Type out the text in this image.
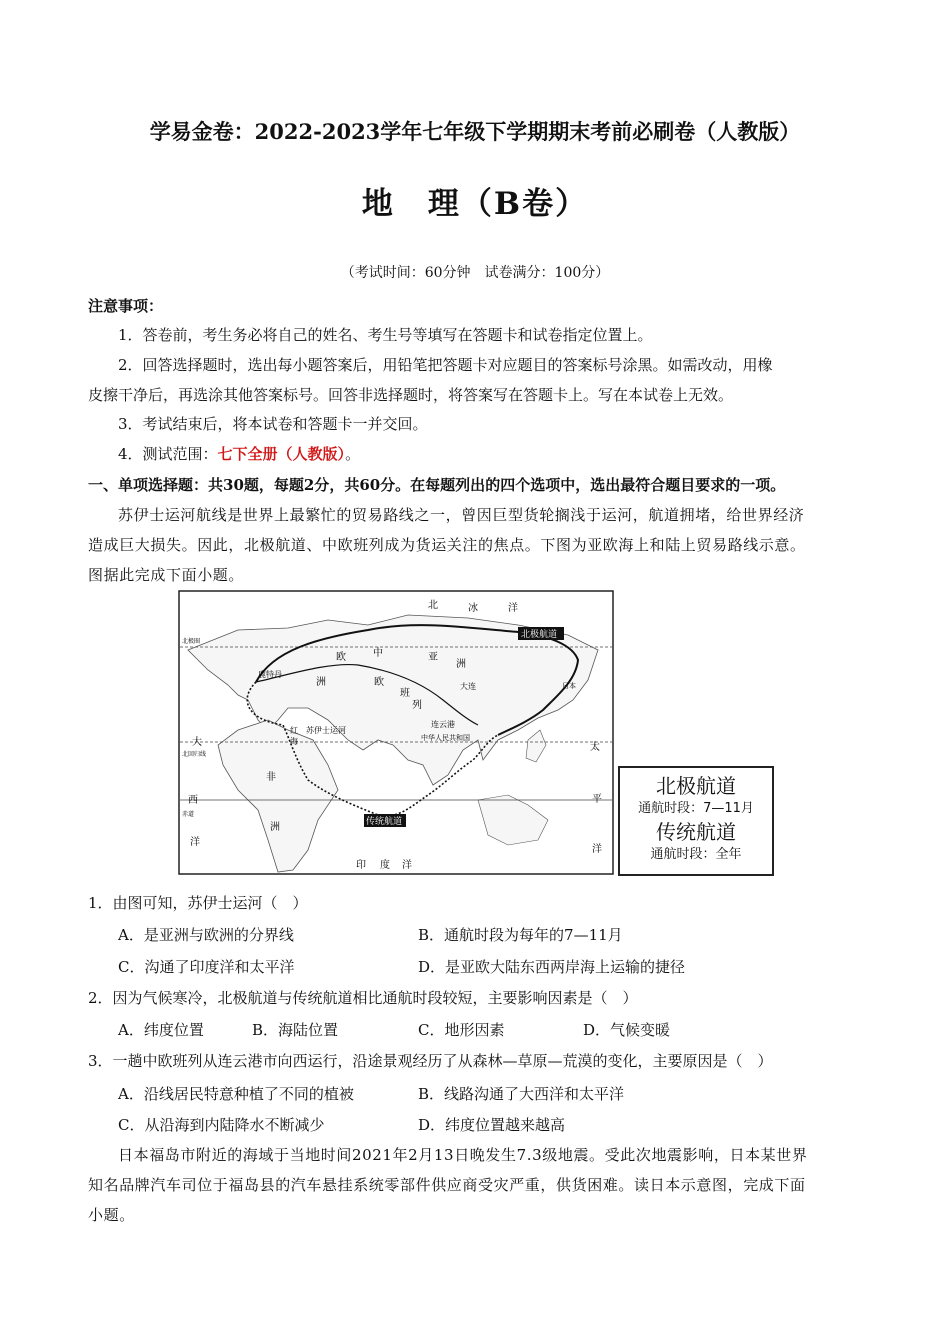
学易金卷：2022-2023学年七年级下学期期末考前必刷卷（人教版）
地　理（B卷）
（考试时间：60分钟　试卷满分：100分）
注意事项：
1．答卷前，考生务必将自己的姓名、考生号等填写在答题卡和试卷指定位置上。
2．回答选择题时，选出每小题答案后，用铅笔把答题卡对应题目的答案标号涂黑。如需改动，用橡
皮擦干净后，再选涂其他答案标号。回答非选择题时，将答案写在答题卡上。写在本试卷上无效。
3．考试结束后，将本试卷和答题卡一并交回。
4．测试范围：七下全册（人教版）。
一、单项选择题：共30题，每题2分，共60分。在每题列出的四个选项中，选出最符合题目要求的一项。
苏伊士运河航线是世界上最繁忙的贸易路线之一，曾因巨型货轮搁浅于运河，航道拥堵，给世界经济
造成巨大损失。因此，北极航道、中欧班列成为货运关注的焦点。下图为亚欧海上和陆上贸易路线示意。
图据此完成下面小题。
北极航道
传统航道
北	冰	洋
北极圈
北回归线
赤道
欧
洲
亚
洲
中
欧
班
列
鹿特丹
大连
连云港
苏伊士运河
中华人民共和国
非
洲
大
西
洋
太
平
洋
印 度 洋
红
海
日本
北极航道
通航时段：7—11月
传统航道
通航时段：全年
1．由图可知，苏伊士运河（　）
A．是亚洲与欧洲的分界线	B．通航时段为每年的7—11月
C．沟通了印度洋和太平洋	D．是亚欧大陆东西两岸海上运输的捷径
2．因为气候寒冷，北极航道与传统航道相比通航时段较短，主要影响因素是（　）
A．纬度位置	B．海陆位置	C．地形因素	D．气候变暖
3．一趟中欧班列从连云港市向西运行，沿途景观经历了从森林—草原—荒漠的变化，主要原因是（　）
A．沿线居民特意种植了不同的植被	B．线路沟通了大西洋和太平洋
C．从沿海到内陆降水不断减少	D．纬度位置越来越高
日本福岛市附近的海域于当地时间2021年2月13日晚发生7.3级地震。受此次地震影响，日本某世界
知名品牌汽车司位于福岛县的汽车悬挂系统零部件供应商受灾严重，供货困难。读日本示意图，完成下面
小题。
